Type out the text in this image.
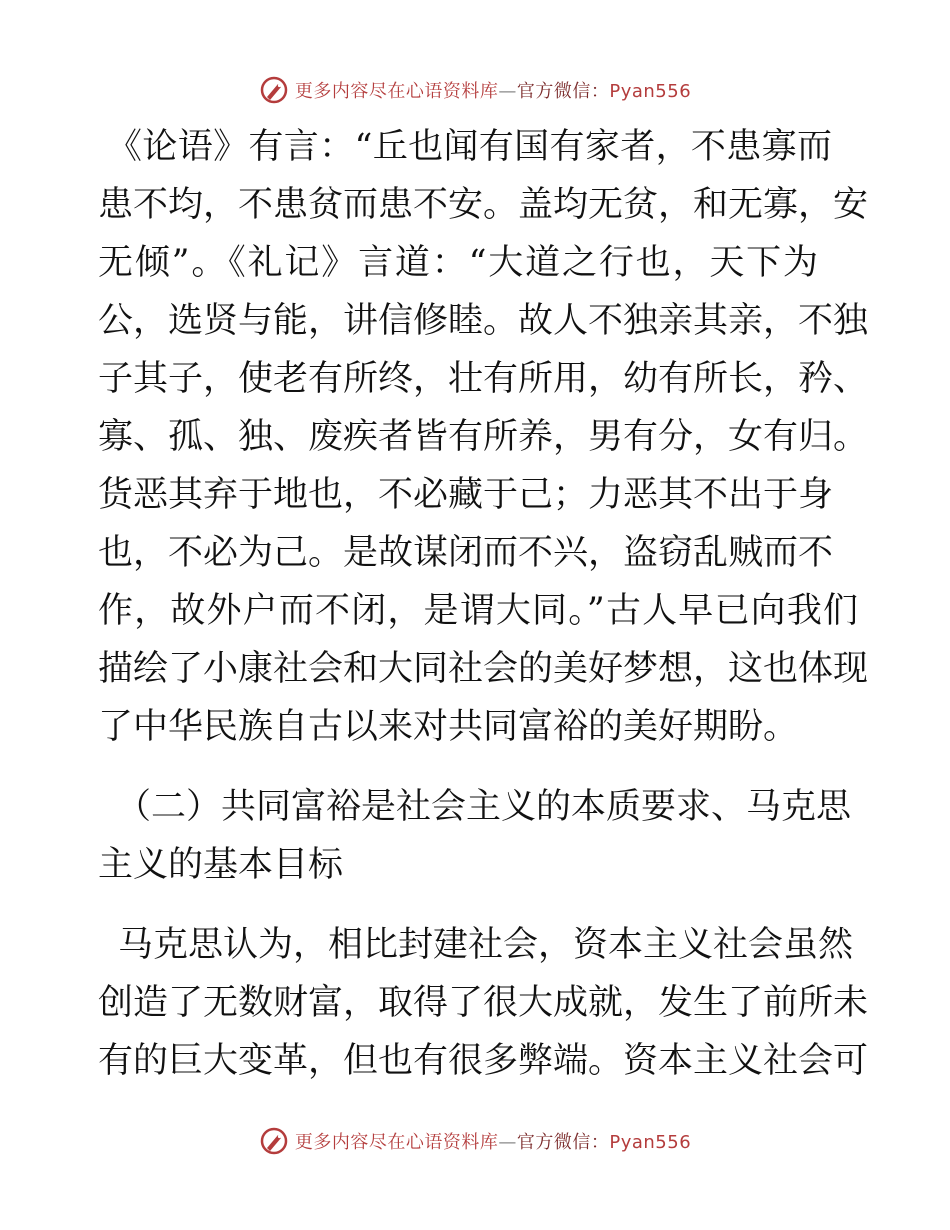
更多内容尽在心语资料库—官方微信：Pyan556
《论语》有言：“丘也闻有国有家者，不患寡而
患不均，不患贫而患不安。盖均无贫，和无寡，安
无倾”。《礼记》言道：“大道之行也，天下为
公，选贤与能，讲信修睦。故人不独亲其亲，不独
子其子，使老有所终，壮有所用，幼有所长，矜、
寡、孤、独、废疾者皆有所养，男有分，女有归。
货恶其弃于地也，不必藏于己；力恶其不出于身
也，不必为己。是故谋闭而不兴，盗窃乱贼而不
作，故外户而不闭，是谓大同。”古人早已向我们
描绘了小康社会和大同社会的美好梦想，这也体现
了中华民族自古以来对共同富裕的美好期盼。
（二）共同富裕是社会主义的本质要求、马克思
主义的基本目标
马克思认为，相比封建社会，资本主义社会虽然
创造了无数财富，取得了很大成就，发生了前所未
有的巨大变革，但也有很多弊端。资本主义社会可
更多内容尽在心语资料库—官方微信：Pyan556
